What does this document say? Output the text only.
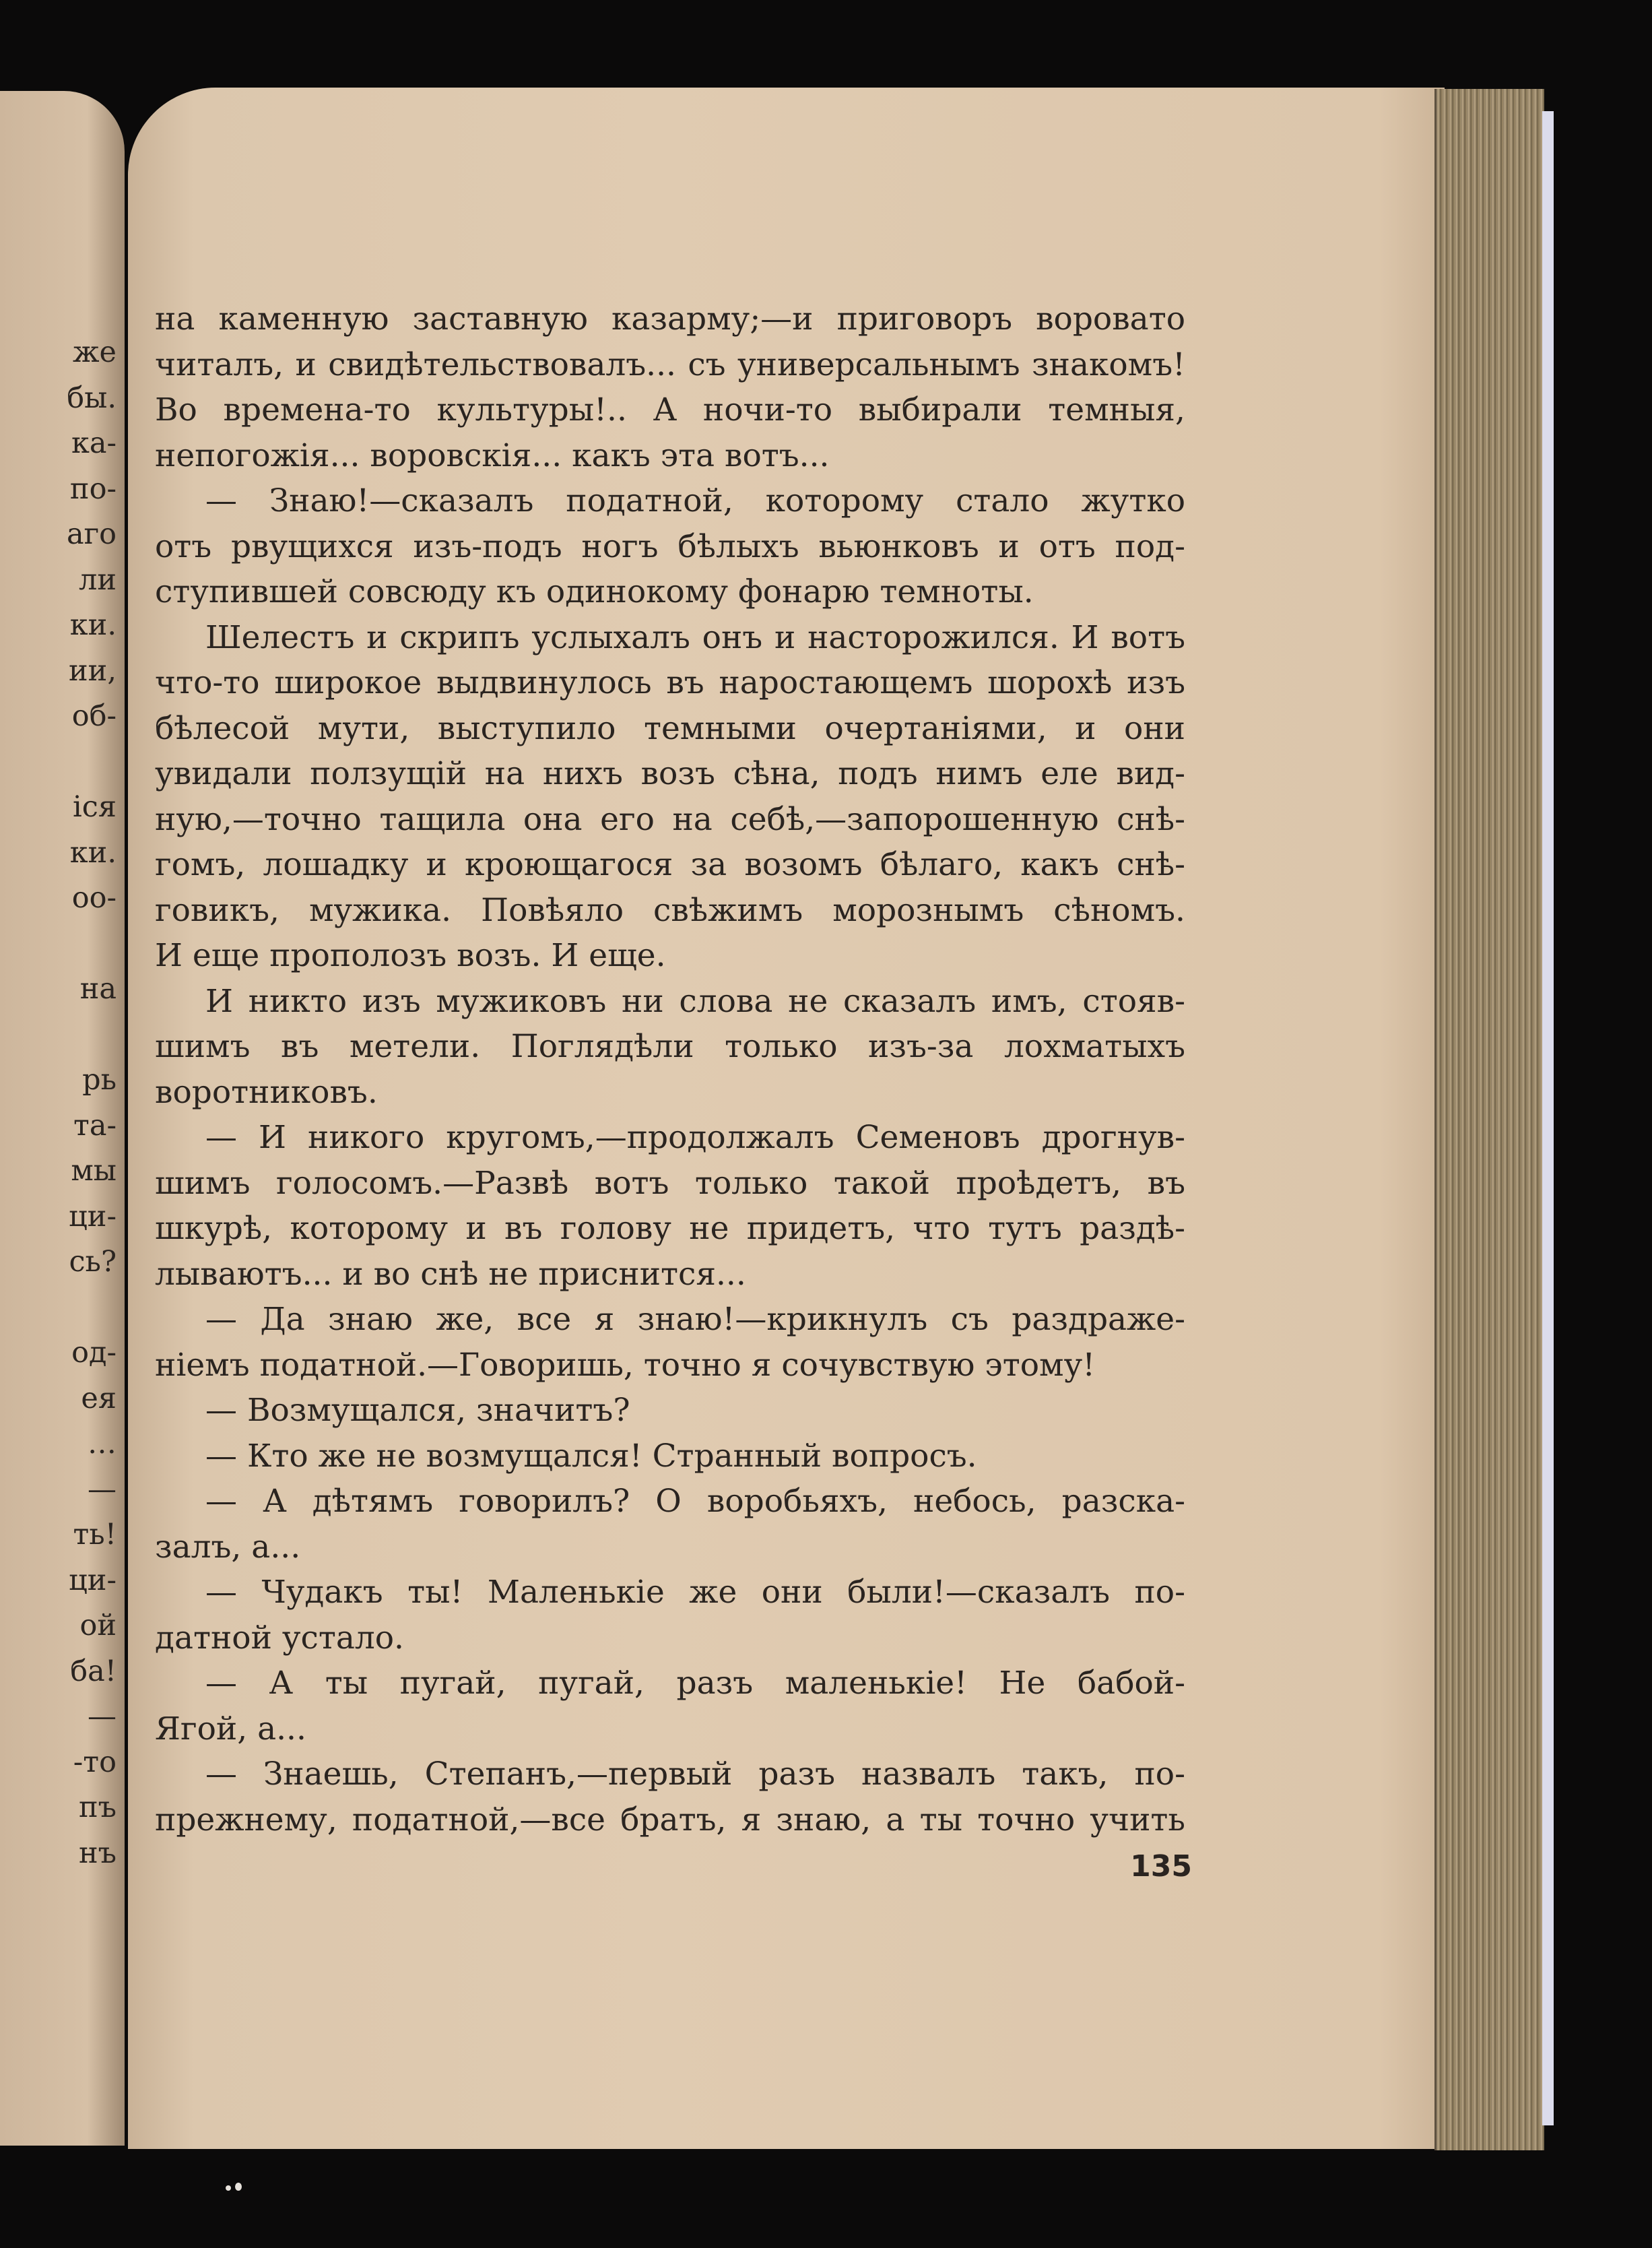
же
бы.
ка-
по-
аго
ли
ки.
ии,
об-
іся
ки.
оо-
на
рь
та-
мы
ци-
сь?
од-
ея
…
—
ть!
ци-
ой
ба!
—
-то
пъ
нъ
на каменную заставную казарму;—и приговоръ ворoвато
читалъ, и свидѣтельствовалъ... съ универсальнымъ знакомъ!
Во времена-то культуры!.. А ночи-то выбирали темныя,
непогожія... воровскія... какъ эта вотъ...
— Знаю!—сказалъ податной, которому стало жутко
отъ рвущихся изъ-подъ ногъ бѣлыхъ вьюнковъ и отъ под-
ступившей совсюду къ одинокому фонарю темноты.
Шелестъ и скрипъ услыхалъ онъ и насторожился. И вотъ
что-то широкое выдвинулось въ наростающемъ шорохѣ изъ
бѣлесой мути, выступило темными очертаніями, и они
увидали ползущій на нихъ возъ сѣна, подъ нимъ еле вид-
ную,—точно тащила она его на себѣ,—запорошенную снѣ-
гомъ, лошадку и кроющагося за возомъ бѣлаго, какъ снѣ-
говикъ, мужика. Повѣяло свѣжимъ морознымъ сѣномъ.
И еще прополозъ возъ. И еще.
И никто изъ мужиковъ ни слова не сказалъ имъ, стояв-
шимъ въ метели. Поглядѣли только изъ-за лохматыхъ
воротниковъ.
— И никого кругомъ,—продолжалъ Семеновъ дрогнув-
шимъ голосомъ.—Развѣ вотъ только такой проѣдетъ, въ
шкурѣ, которому и въ голову не придетъ, что тутъ раздѣ-
лываютъ... и во снѣ не приснится...
— Да знаю же, все я знаю!—крикнулъ съ раздраже-
ніемъ податной.—Говоришь, точно я сочувствую этому!
— Возмущался, значитъ?
— Кто же не возмущался! Странный вопросъ.
— А дѣтямъ говорилъ? О воробьяхъ, небось, разска-
залъ, а...
— Чудакъ ты! Маленькіе же они были!—сказалъ по-
датной устало.
— А ты пугай, пугай, разъ маленькіе! Не бабой-
Ягой, а...
— Знаешь, Степанъ,—первый разъ назвалъ такъ, по-
прежнему, податной,—все братъ, я знаю, а ты точно учить
135
